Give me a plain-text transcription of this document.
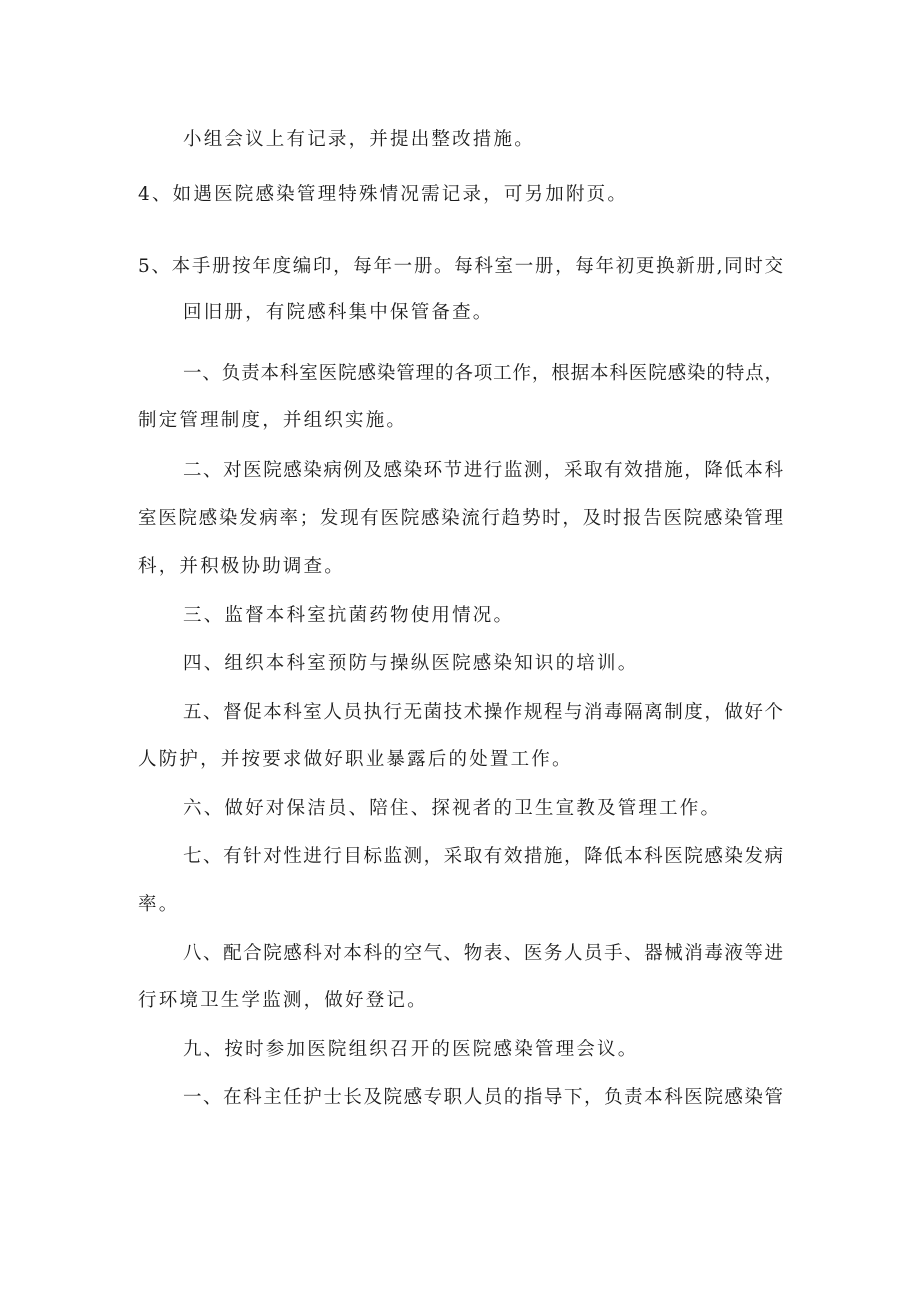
小组会议上有记录，并提出整改措施。
4、如遇医院感染管理特殊情况需记录，可另加附页。
5、本手册按年度编印，每年一册。每科室一册，每年初更换新册,同时交
回旧册，有院感科集中保管备查。
一、负责本科室医院感染管理的各项工作，根据本科医院感染的特点，
制定管理制度，并组织实施。
二、对医院感染病例及感染环节进行监测，采取有效措施，降低本科
室医院感染发病率；发现有医院感染流行趋势时，及时报告医院感染管理
科，并积极协助调查。
三、监督本科室抗菌药物使用情况。
四、组织本科室预防与操纵医院感染知识的培训。
五、督促本科室人员执行无菌技术操作规程与消毒隔离制度，做好个
人防护，并按要求做好职业暴露后的处置工作。
六、做好对保洁员、陪住、探视者的卫生宣教及管理工作。
七、有针对性进行目标监测，采取有效措施，降低本科医院感染发病
率。
八、配合院感科对本科的空气、物表、医务人员手、器械消毒液等进
行环境卫生学监测，做好登记。
九、按时参加医院组织召开的医院感染管理会议。
一、在科主任护士长及院感专职人员的指导下，负责本科医院感染管
